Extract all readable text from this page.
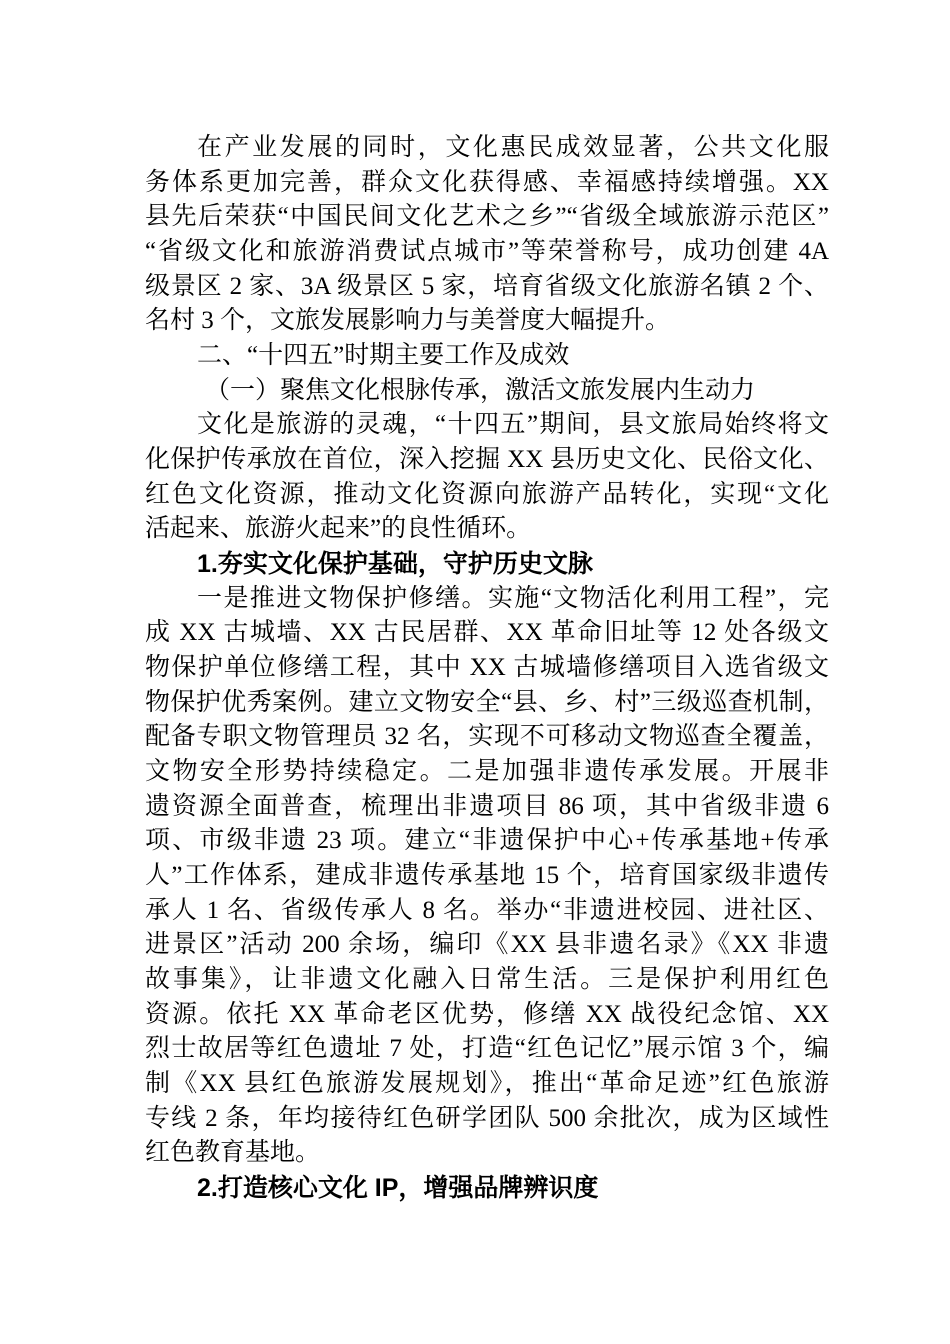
在产业发展的同时，文化惠民成效显著，公共文化服
务体系更加完善，群众文化获得感、幸福感持续增强。XX
县先后荣获“中国民间文化艺术之乡”“省级全域旅游示范区”
“省级文化和旅游消费试点城市”等荣誉称号，成功创建 4A
级景区 2 家、3A 级景区 5 家，培育省级文化旅游名镇 2 个、
名村 3 个，文旅发展影响力与美誉度大幅提升。
二、“十四五”时期主要工作及成效
（一）聚焦文化根脉传承，激活文旅发展内生动力
文化是旅游的灵魂，“十四五”期间，县文旅局始终将文
化保护传承放在首位，深入挖掘 XX 县历史文化、民俗文化、
红色文化资源，推动文化资源向旅游产品转化，实现“文化
活起来、旅游火起来”的良性循环。
1.夯实文化保护基础，守护历史文脉
一是推进文物保护修缮。实施“文物活化利用工程”，完
成 XX 古城墙、XX 古民居群、XX 革命旧址等 12 处各级文
物保护单位修缮工程，其中 XX 古城墙修缮项目入选省级文
物保护优秀案例。建立文物安全“县、乡、村”三级巡查机制，
配备专职文物管理员 32 名，实现不可移动文物巡查全覆盖，
文物安全形势持续稳定。二是加强非遗传承发展。开展非
遗资源全面普查，梳理出非遗项目 86 项，其中省级非遗 6
项、市级非遗 23 项。建立“非遗保护中心+传承基地+传承
人”工作体系，建成非遗传承基地 15 个，培育国家级非遗传
承人 1 名、省级传承人 8 名。举办“非遗进校园、进社区、
进景区”活动 200 余场，编印《XX 县非遗名录》《XX 非遗
故事集》，让非遗文化融入日常生活。三是保护利用红色
资源。依托 XX 革命老区优势，修缮 XX 战役纪念馆、XX
烈士故居等红色遗址 7 处，打造“红色记忆”展示馆 3 个，编
制《XX 县红色旅游发展规划》，推出“革命足迹”红色旅游
专线 2 条，年均接待红色研学团队 500 余批次，成为区域性
红色教育基地。
2.打造核心文化 IP，增强品牌辨识度
